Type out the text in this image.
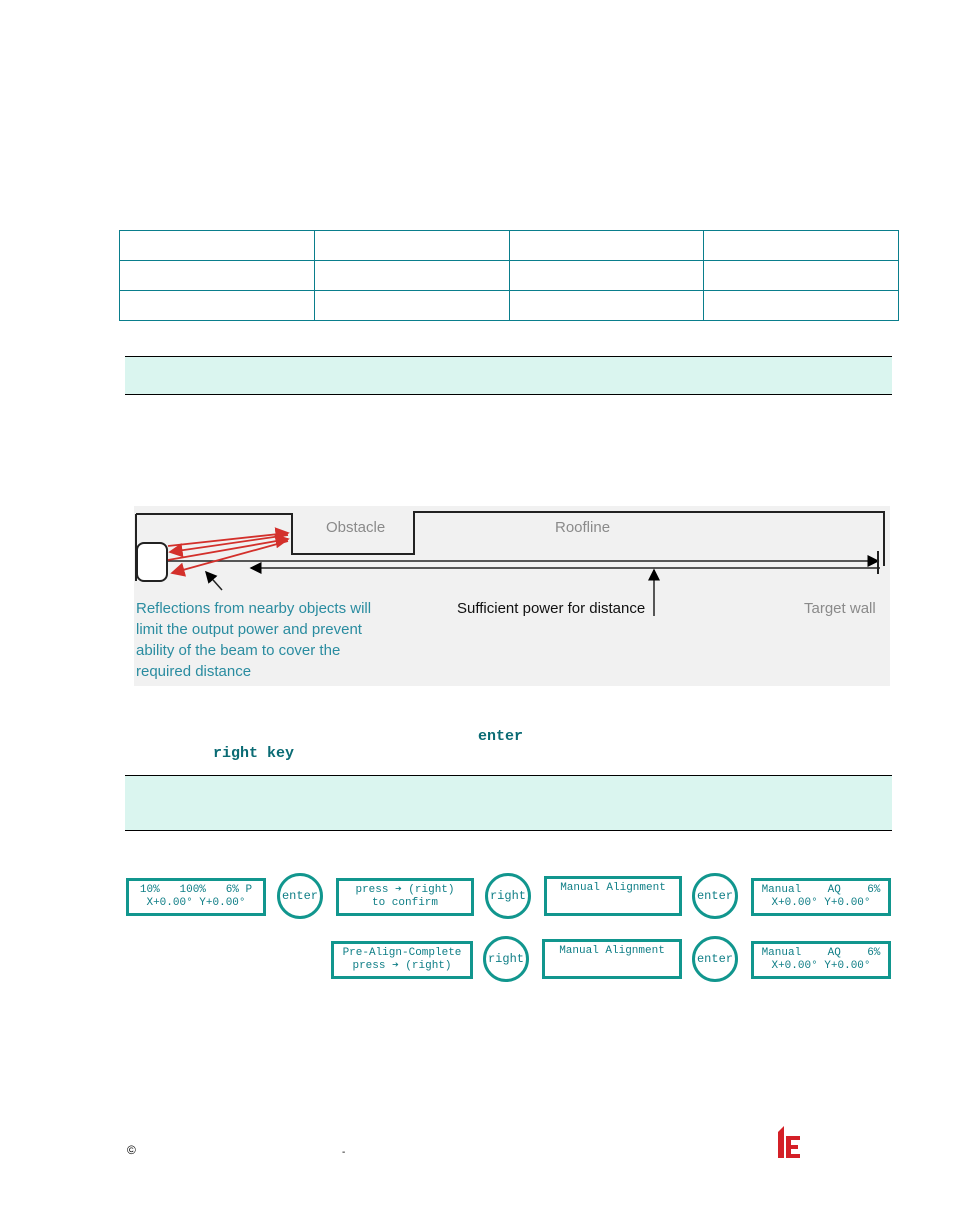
Obstacle	Roofline
Reflections from nearby objects will
limit the output power and prevent
ability of the beam to cover the
required distance
Sufficient power for distance	Target wall
enter
right key
10%   100%   6% P
X+0.00° Y+0.00°	enter	press ➔ (right)
to confirm	right
Manual Alignment
enter	Manual    AQ    6%
X+0.00° Y+0.00°
Pre-Align-Complete
press ➔ (right)	right
Manual Alignment
enter	Manual    AQ    6%
X+0.00° Y+0.00°
©	-
